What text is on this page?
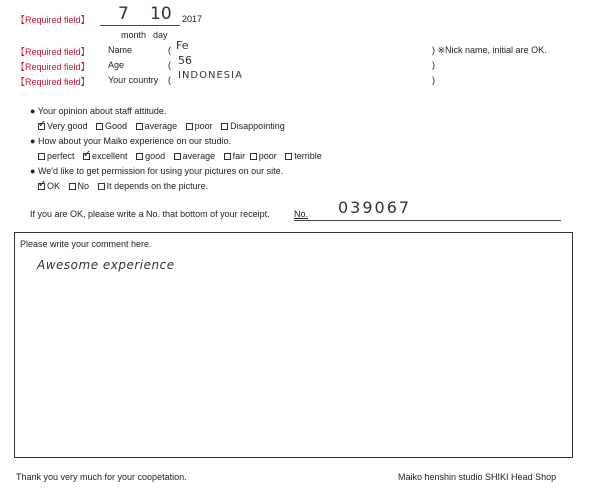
【Required field】 7 10 2017
month day
【Required field】 Name	( Fe	) ※Nick name, initial are OK.
【Required field】 Age	( 56	)
【Required field】 Your country ( INDONESIA	)
● Your opinion about staff attitude.
✓Very good Good average poor Disappointing
● How about your Maiko experience on our studio.
perfect ✓ excellent good average fair poor terrible
● We'd like to get permission for using your pictures on our site.
✓OK No It depends on the picture.
If you are OK, please write a No. that bottom of your receipt.	No. 039067
Please write your comment here.
Awesome experience
Thank you very much for your coopetation.	Maiko henshin studio SHIKI Head Shop
